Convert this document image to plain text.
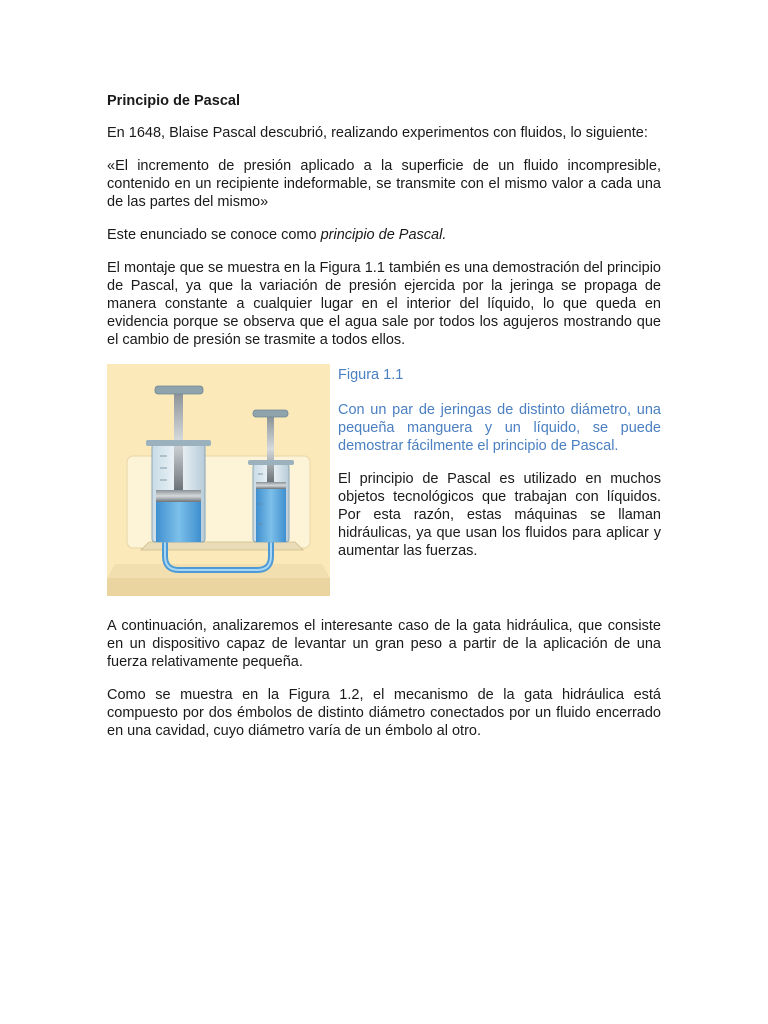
Principio de Pascal

En 1648, Blaise Pascal descubrió, realizando experimentos con fluidos, lo siguiente:

«El incremento de presión aplicado a la superficie de un fluido incompresible, contenido en un recipiente indeformable, se transmite con el mismo valor a cada una de las partes del mismo»

Este enunciado se conoce como principio de Pascal.

El montaje que se muestra en la Figura 1.1 también es una demostración del principio de Pascal, ya que la variación de presión ejercida por la jeringa se propaga de manera constante a cualquier lugar en el interior del líquido, lo que queda en evidencia porque se observa que el agua sale por todos los agujeros mostrando que el cambio de presión se trasmite a todos ellos.

Figura 1.1

Con un par de jeringas de distinto diámetro, una pequeña manguera y un líquido, se puede demostrar fácilmente el principio de Pascal.

El principio de Pascal es utilizado en muchos objetos tecnológicos que trabajan con líquidos. Por esta razón, estas máquinas se llaman hidráulicas, ya que usan los fluidos para aplicar y aumentar las fuerzas.

A continuación, analizaremos el interesante caso de la gata hidráulica, que consiste en un dispositivo capaz de levantar un gran peso a partir de la aplicación de una fuerza relativamente pequeña.

Como se muestra en la Figura 1.2, el mecanismo de la gata hidráulica está compuesto por dos émbolos de distinto diámetro conectados por un fluido encerrado en una cavidad, cuyo diámetro varía de un émbolo al otro.
